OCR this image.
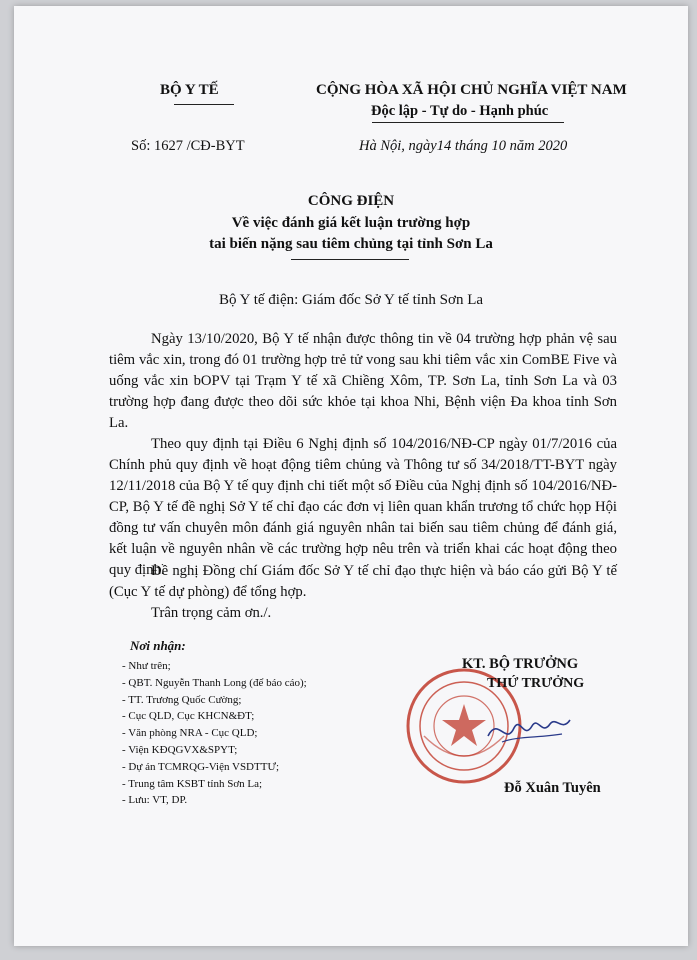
BỘ Y TẾ	CỘNG HÒA XÃ HỘI CHỦ NGHĨA VIỆT NAM
Độc lập - Tự do - Hạnh phúc
Số: 1627 /CĐ-BYT	Hà Nội, ngày14 tháng 10 năm 2020
CÔNG ĐIỆN
Về việc đánh giá kết luận trường hợp
tai biến nặng sau tiêm chủng tại tỉnh Sơn La
Bộ Y tế điện: Giám đốc Sở Y tế tỉnh Sơn La

Ngày 13/10/2020, Bộ Y tế nhận được thông tin về 04 trường hợp phản vệ sau tiêm vắc xin, trong đó 01 trường hợp trẻ tử vong sau khi tiêm vắc xin ComBE Five và uống vắc xin bOPV tại Trạm Y tế xã Chiềng Xôm, TP. Sơn La, tỉnh Sơn La và 03 trường hợp đang được theo dõi sức khỏe tại khoa Nhi, Bệnh viện Đa khoa tỉnh Sơn La.

Theo quy định tại Điều 6 Nghị định số 104/2016/NĐ-CP ngày 01/7/2016 của Chính phủ quy định về hoạt động tiêm chủng và Thông tư số 34/2018/TT-BYT ngày 12/11/2018 của Bộ Y tế quy định chi tiết một số Điều của Nghị định số 104/2016/NĐ-CP, Bộ Y tế đề nghị Sở Y tế chỉ đạo các đơn vị liên quan khẩn trương tổ chức họp Hội đồng tư vấn chuyên môn đánh giá nguyên nhân tai biến sau tiêm chủng để đánh giá, kết luận về nguyên nhân về các trường hợp nêu trên và triển khai các hoạt động theo quy định.

Đề nghị Đồng chí Giám đốc Sở Y tế chỉ đạo thực hiện và báo cáo gửi Bộ Y tế (Cục Y tế dự phòng) để tổng hợp.

Trân trọng cảm ơn./.

Nơi nhận:
- Như trên;
- QBT. Nguyễn Thanh Long (để báo cáo);
- TT. Trương Quốc Cường;
- Cục QLD, Cục KHCN&ĐT;
- Văn phòng NRA - Cục QLD;
- Viện KĐQGVX&SPYT;
- Dự án TCMRQG-Viện VSDTTƯ;
- Trung tâm KSBT tỉnh Sơn La;
- Lưu: VT, DP.
KT. BỘ TRƯỞNG
THỨ TRƯỞNG
Đỗ Xuân Tuyên
